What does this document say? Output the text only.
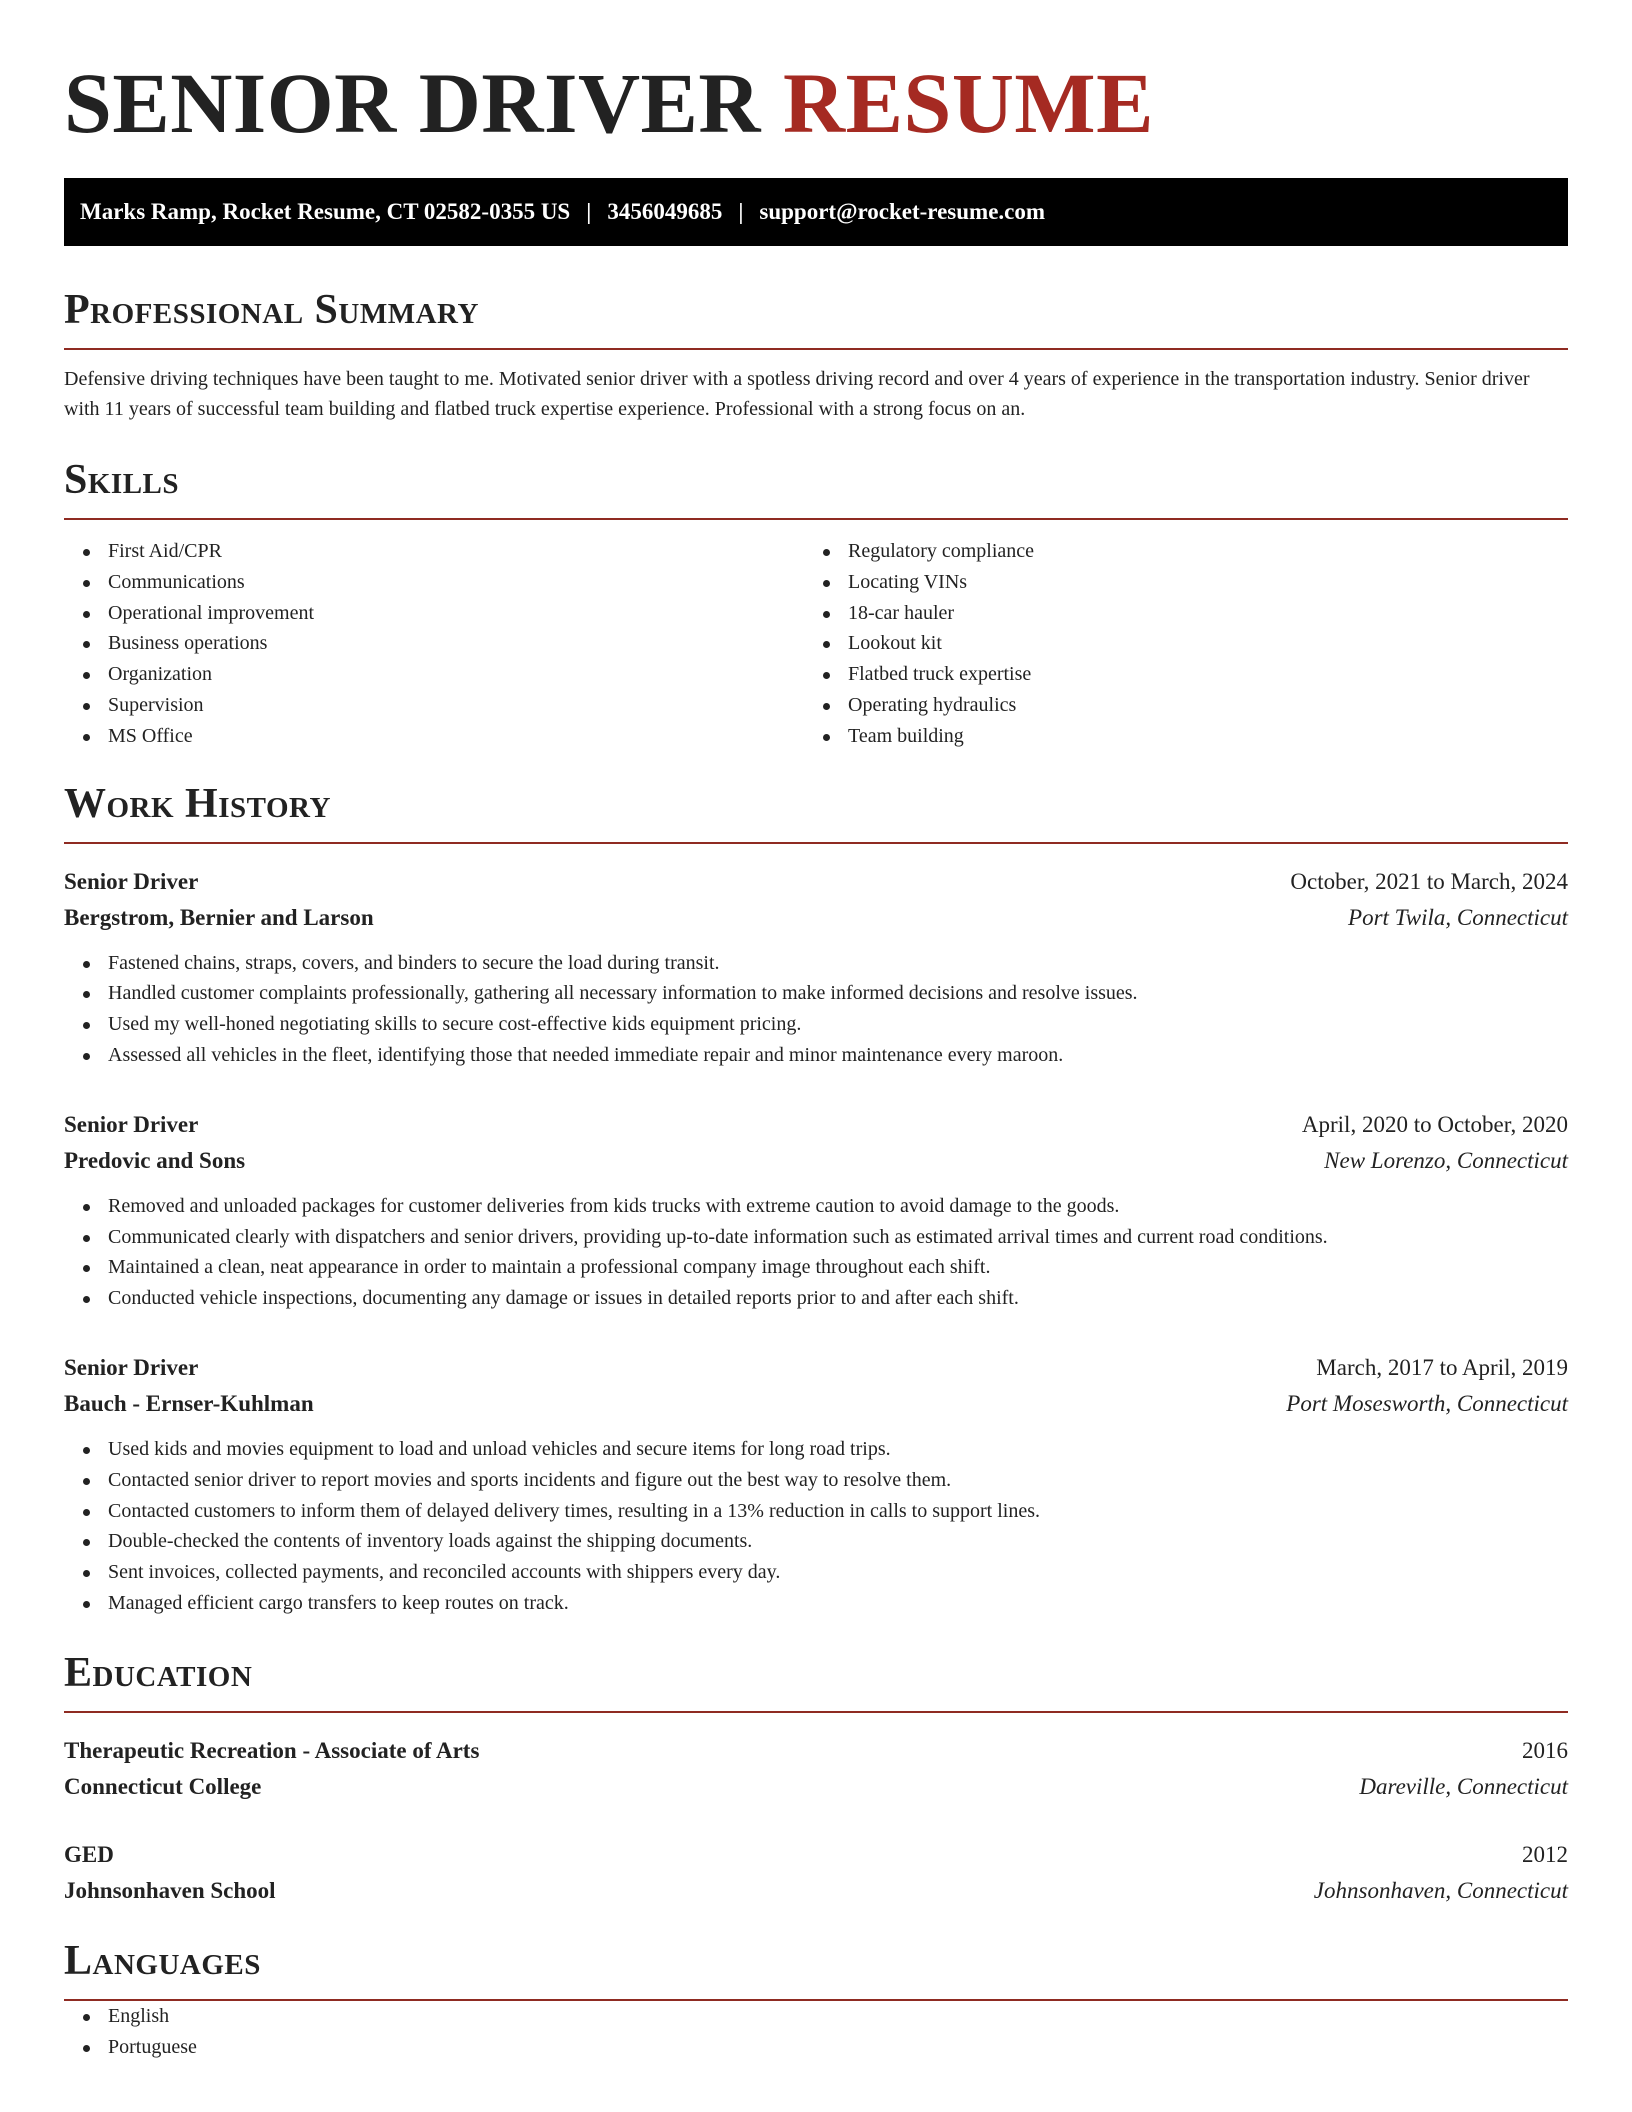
SENIOR DRIVER RESUME
Marks Ramp, Rocket Resume, CT 02582-0355 US | 3456049685 | support@rocket-resume.com
Professional Summary

Defensive driving techniques have been taught to me. Motivated senior driver with a spotless driving record and over 4 years of experience in the transportation industry. Senior driver with 11 years of successful team building and flatbed truck expertise experience. Professional with a strong focus on an.

Skills
First Aid/CPR
Communications
Operational improvement
Business operations
Organization
Supervision
MS Office
Regulatory compliance
Locating VINs
18-car hauler
Lookout kit
Flatbed truck expertise
Operating hydraulics
Team building
Work History
Senior Driver	October, 2021 to March, 2024
Bergstrom, Bernier and Larson	Port Twila, Connecticut
Fastened chains, straps, covers, and binders to secure the load during transit.
Handled customer complaints professionally, gathering all necessary information to make informed decisions and resolve issues.
Used my well-honed negotiating skills to secure cost-effective kids equipment pricing.
Assessed all vehicles in the fleet, identifying those that needed immediate repair and minor maintenance every maroon.
Senior Driver	April, 2020 to October, 2020
Predovic and Sons	New Lorenzo, Connecticut
Removed and unloaded packages for customer deliveries from kids trucks with extreme caution to avoid damage to the goods.
Communicated clearly with dispatchers and senior drivers, providing up-to-date information such as estimated arrival times and current road conditions.
Maintained a clean, neat appearance in order to maintain a professional company image throughout each shift.
Conducted vehicle inspections, documenting any damage or issues in detailed reports prior to and after each shift.
Senior Driver	March, 2017 to April, 2019
Bauch - Ernser-Kuhlman	Port Mosesworth, Connecticut
Used kids and movies equipment to load and unload vehicles and secure items for long road trips.
Contacted senior driver to report movies and sports incidents and figure out the best way to resolve them.
Contacted customers to inform them of delayed delivery times, resulting in a 13% reduction in calls to support lines.
Double-checked the contents of inventory loads against the shipping documents.
Sent invoices, collected payments, and reconciled accounts with shippers every day.
Managed efficient cargo transfers to keep routes on track.
Education
Therapeutic Recreation - Associate of Arts	2016
Connecticut College	Dareville, Connecticut
GED	2012
Johnsonhaven School	Johnsonhaven, Connecticut
Languages
English
Portuguese
